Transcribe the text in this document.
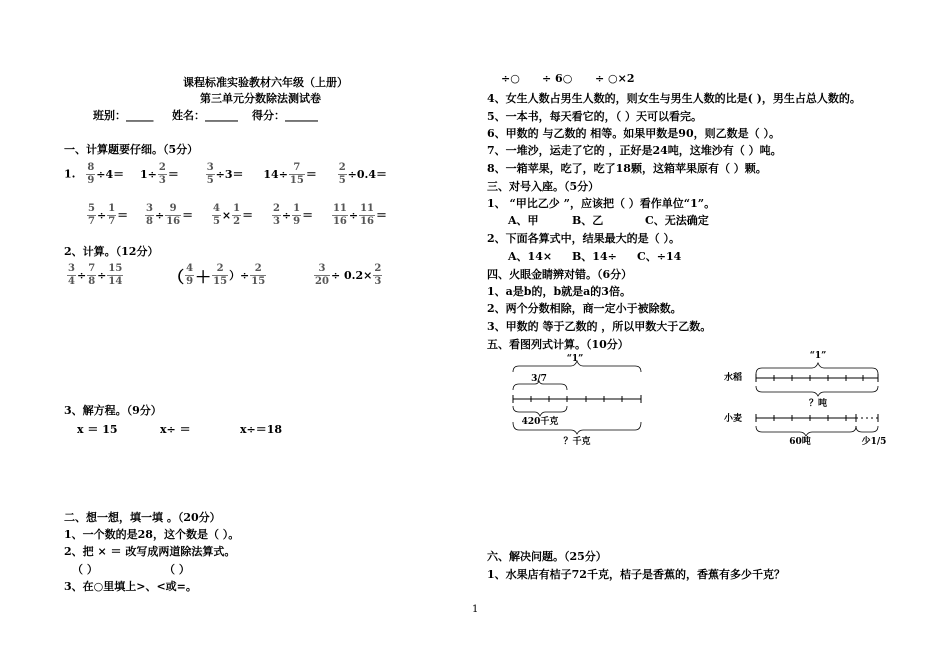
课程标准实验教材六年级（上册）
第三单元分数除法测试卷
班别：_____ 姓名：______ 得分：______
一、计算题要仔细。（5分）
1. $\frac{8}{9} \div 4= 1\div \frac{2}{3}$ ＝	$\frac{3}{5} \div 3= 14\div \frac{7}{15} = \frac{2}{5} \div 0.4=$
$\frac{5}{7} \div \frac{1}{7} = \frac{3}{8} \div \frac{9}{16} = \frac{4}{5} \times \frac{1}{2} = \frac{2}{3} \div \frac{1}{9} = \frac{11}{16} \div \frac{11}{16}$ ＝
2、计算。（12分）
$\frac{3}{4} \div \frac{7}{8} \div \frac{15}{14}$	（ $\frac{4}{9} + \frac{2}{15}$ ）÷ $\frac{2}{15}$
	$\frac{3}{20} \div 0.2\times \frac{2}{3}$
3、解方程。（9分）
x ＝ 15	x÷ ＝	x÷＝18
二、想一想，填一填 。（20分）
1、一个数的是28，这个数是（ ）。
2、把 × ＝ 改写成两道除法算式。
（ ）	（ ）
3、在○里填上>、<或=。
÷○ ÷ 6○ ÷ ○×2
4、女生人数占男生人数的，则女生与男生人数的比是( )，男生占总人数的。
5、一本书，每天看它的，（ ）天可以看完。
6、甲数的 与乙数的 相等。如果甲数是90，则乙数是（ ）。
7、一堆沙，运走了它的 ，正好是24吨，这堆沙有（ ）吨。
8、一箱苹果，吃了，吃了18颗，这箱苹果原有（ ）颗。
三、对号入座。（5分）
1、 “甲比乙少 ”，应该把（ ）看作单位“1”。
A、甲	B、乙	C、无法确定
2、下面各算式中，结果最大的是（ ）。
A、14× B、14÷ C、÷14
四、火眼金睛辨对错。（6分）
1、a是b的，b就是a的3倍。
2、两个分数相除，商一定小于被除数。
3、甲数的 等于乙数的 ，所以甲数大于乙数。
五、看图列式计算。（10分）
“1”
3/7
420千克
？千克
“1”
水稻
？吨
小麦
60吨	少1/5
六、解决问题。（25分）
1、水果店有桔子72千克，桔子是香蕉的，香蕉有多少千克？
1
